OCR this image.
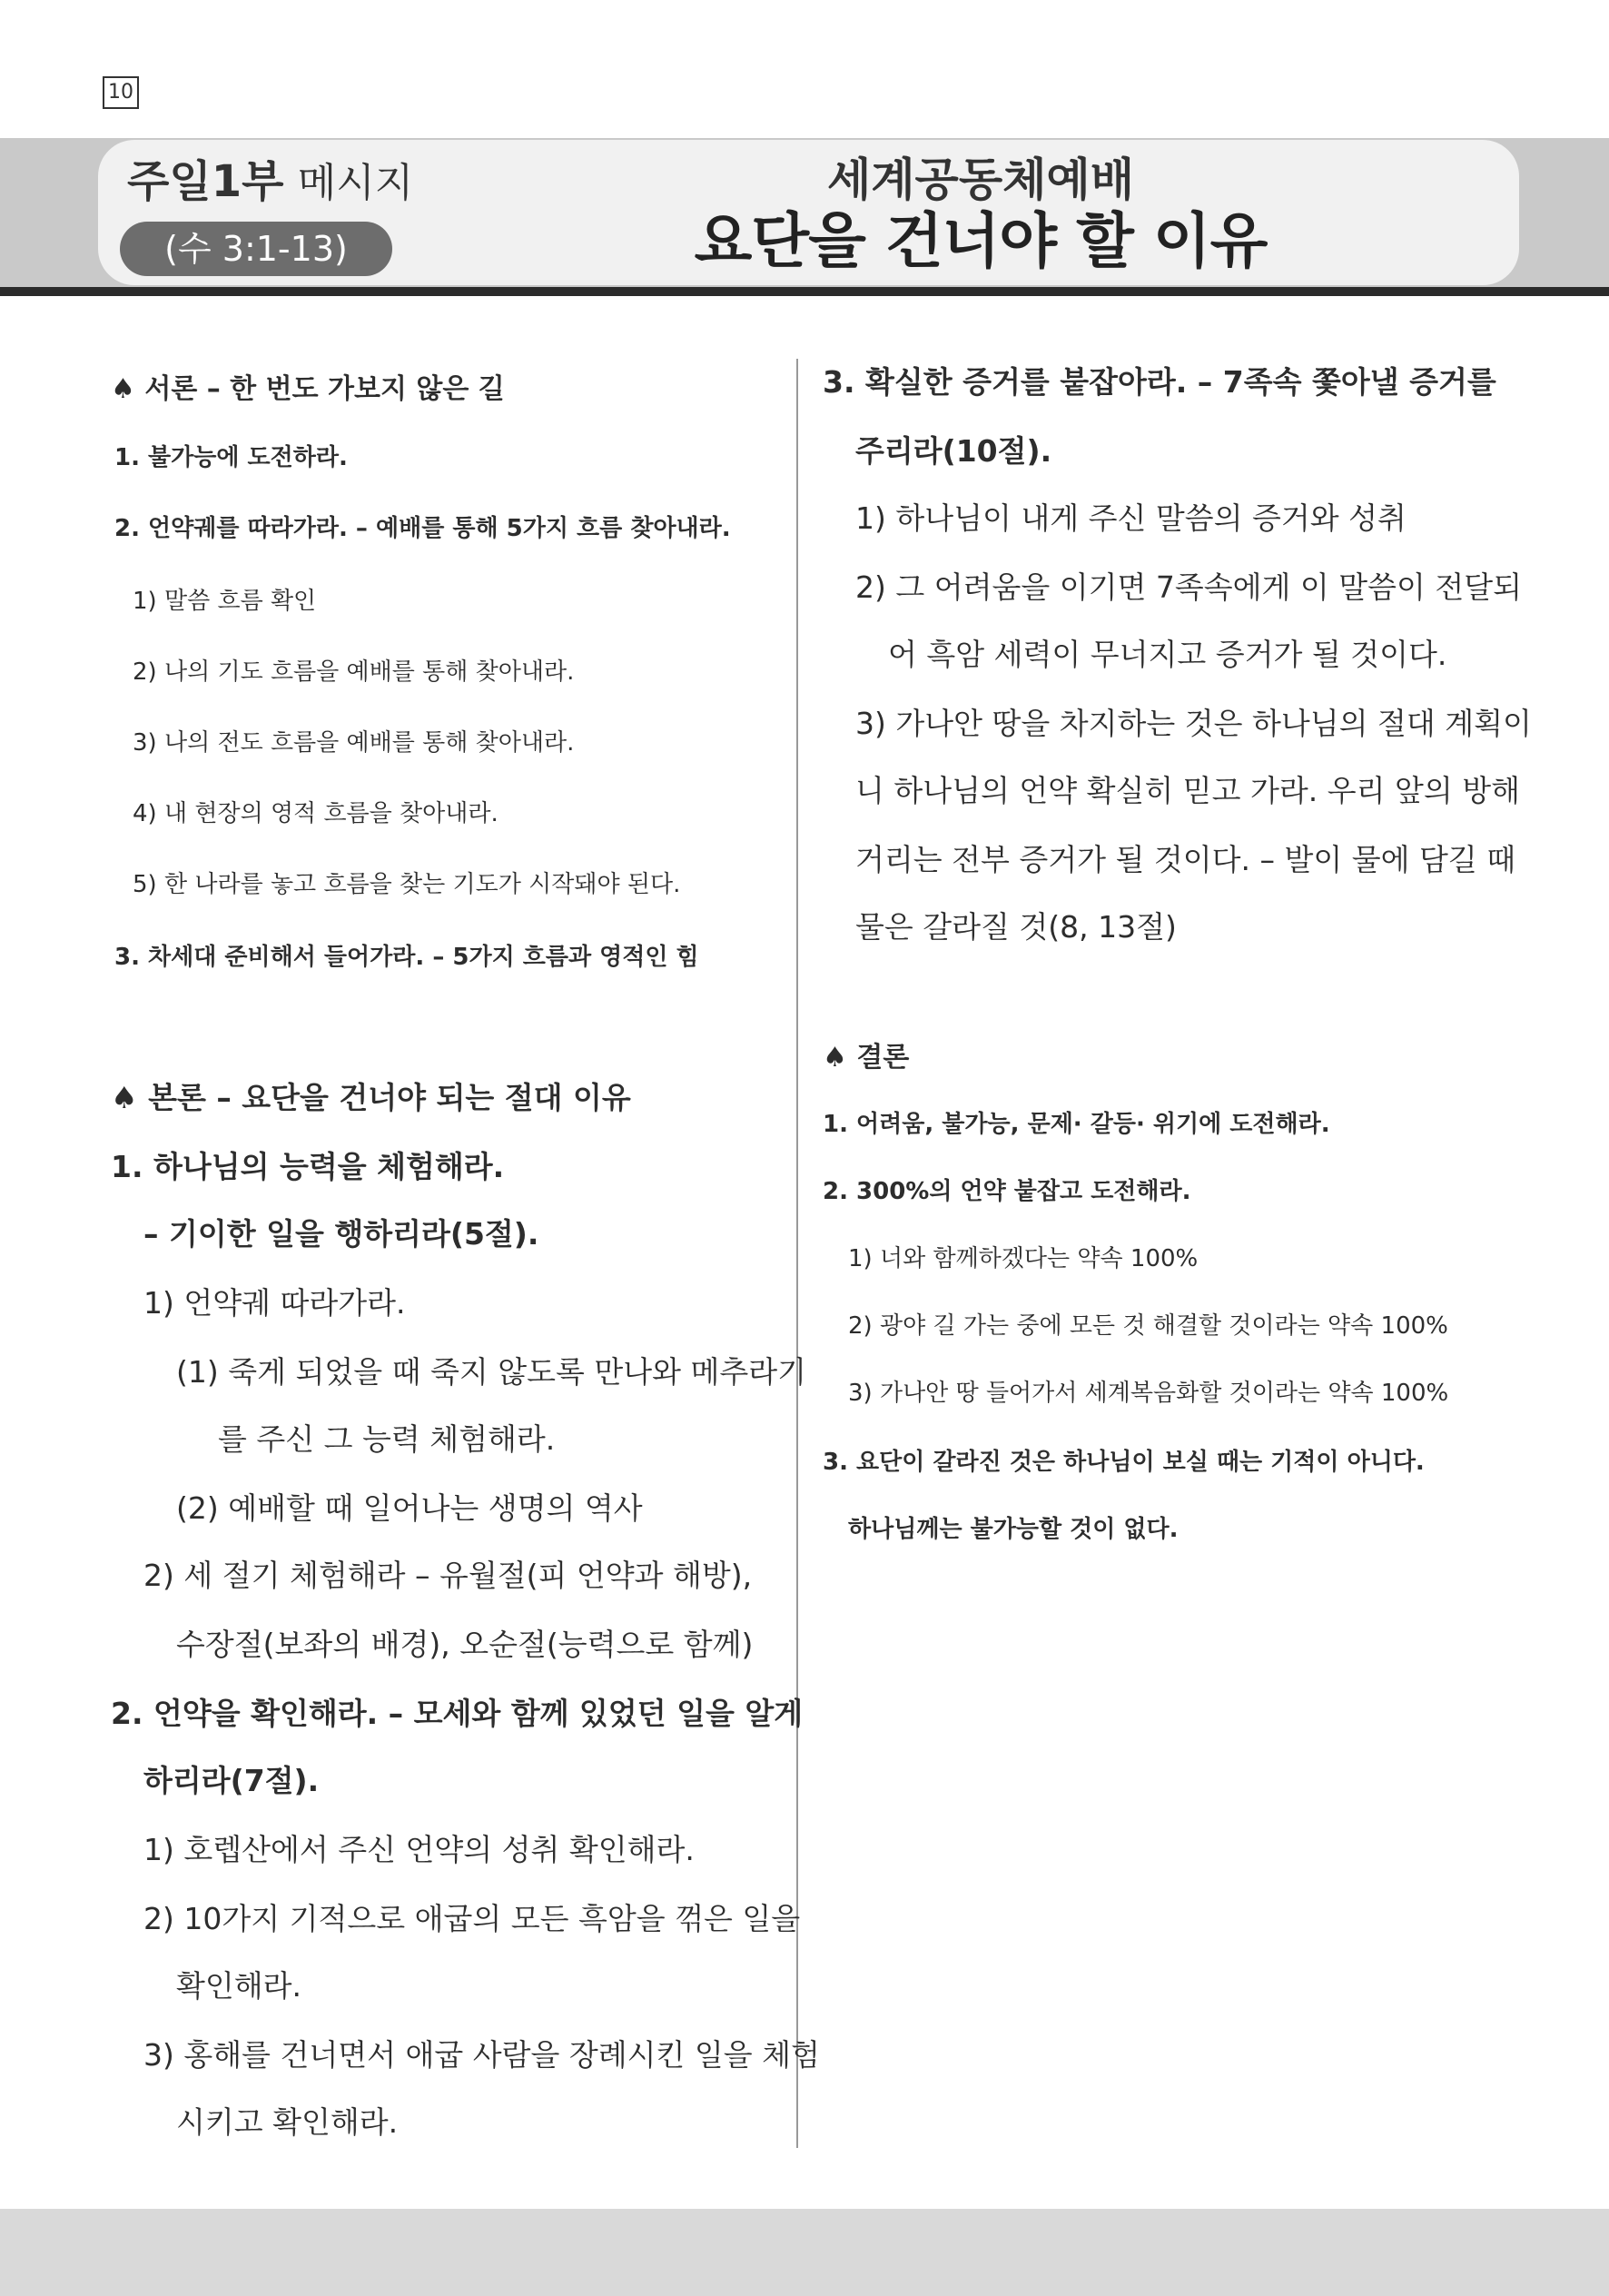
10
주일1부 메시지
(수 3:1-13)
세계공동체예배
요단을 건너야 할 이유
♠ 서론 – 한 번도 가보지 않은 길
1. 불가능에 도전하라.
2. 언약궤를 따라가라. – 예배를 통해 5가지 흐름 찾아내라.
1) 말씀 흐름 확인
2) 나의 기도 흐름을 예배를 통해 찾아내라.
3) 나의 전도 흐름을 예배를 통해 찾아내라.
4) 내 현장의 영적 흐름을 찾아내라.
5) 한 나라를 놓고 흐름을 찾는 기도가 시작돼야 된다.
3. 차세대 준비해서 들어가라. – 5가지 흐름과 영적인 힘
♠ 본론 – 요단을 건너야 되는 절대 이유
1. 하나님의 능력을 체험해라.
– 기이한 일을 행하리라(5절).
1) 언약궤 따라가라.
(1) 죽게 되었을 때 죽지 않도록 만나와 메추라기
를 주신 그 능력 체험해라.
(2) 예배할 때 일어나는 생명의 역사
2) 세 절기 체험해라 – 유월절(피 언약과 해방),
수장절(보좌의 배경), 오순절(능력으로 함께)
2. 언약을 확인해라. – 모세와 함께 있었던 일을 알게
하리라(7절).
1) 호렙산에서 주신 언약의 성취 확인해라.
2) 10가지 기적으로 애굽의 모든 흑암을 꺾은 일을
확인해라.
3) 홍해를 건너면서 애굽 사람을 장례시킨 일을 체험
시키고 확인해라.
3. 확실한 증거를 붙잡아라. – 7족속 쫓아낼 증거를
주리라(10절).
1) 하나님이 내게 주신 말씀의 증거와 성취
2) 그 어려움을 이기면 7족속에게 이 말씀이 전달되
어 흑암 세력이 무너지고 증거가 될 것이다.
3) 가나안 땅을 차지하는 것은 하나님의 절대 계획이
니 하나님의 언약 확실히 믿고 가라. 우리 앞의 방해
거리는 전부 증거가 될 것이다. – 발이 물에 담길 때
물은 갈라질 것(8, 13절)
♠ 결론
1. 어려움, 불가능, 문제· 갈등· 위기에 도전해라.
2. 300%의 언약 붙잡고 도전해라.
1) 너와 함께하겠다는 약속 100%
2) 광야 길 가는 중에 모든 것 해결할 것이라는 약속 100%
3) 가나안 땅 들어가서 세계복음화할 것이라는 약속 100%
3. 요단이 갈라진 것은 하나님이 보실 때는 기적이 아니다.
하나님께는 불가능할 것이 없다.
